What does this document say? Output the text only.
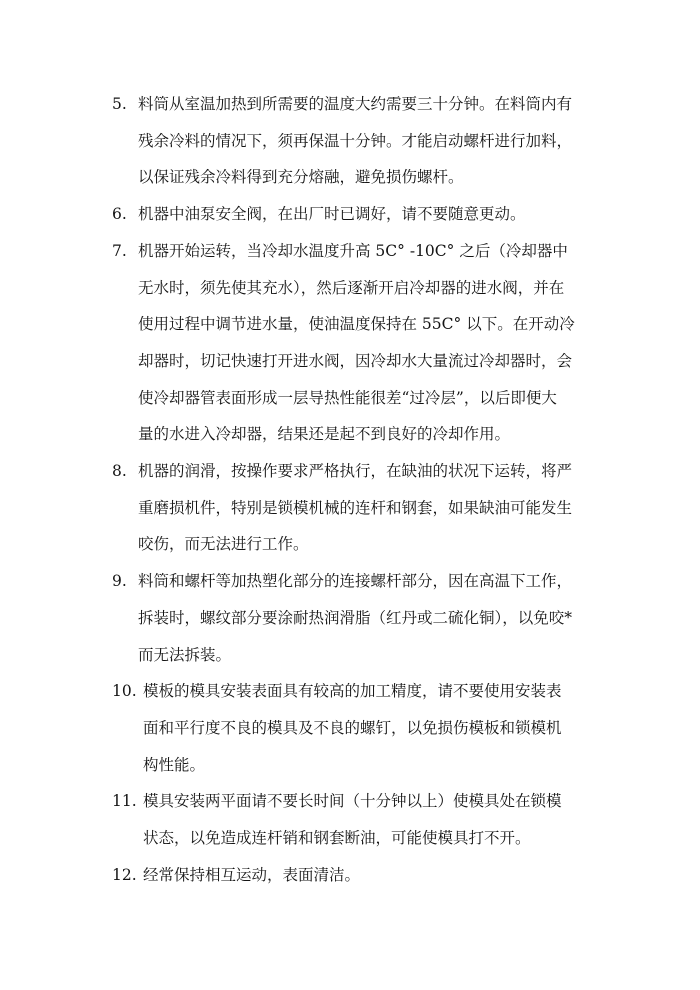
5. 料筒从室温加热到所需要的温度大约需要三十分钟。在料筒内有
残余冷料的情况下，须再保温十分钟。才能启动螺杆进行加料，
以保证残余冷料得到充分熔融，避免损伤螺杆。
6. 机器中油泵安全阀，在出厂时已调好，请不要随意更动。
7. 机器开始运转，当冷却水温度升高 5C° -10C° 之后（冷却器中
无水时，须先使其充水），然后逐渐开启冷却器的进水阀，并在
使用过程中调节进水量，使油温度保持在 55C° 以下。在开动冷
却器时，切记快速打开进水阀，因冷却水大量流过冷却器时，会
使冷却器管表面形成一层导热性能很差“过冷层”，以后即便大
量的水进入冷却器，结果还是起不到良好的冷却作用。
8. 机器的润滑，按操作要求严格执行，在缺油的状况下运转，将严
重磨损机件，特别是锁模机械的连杆和钢套，如果缺油可能发生
咬伤，而无法进行工作。
9. 料筒和螺杆等加热塑化部分的连接螺杆部分，因在高温下工作，
拆装时，螺纹部分要涂耐热润滑脂（红丹或二硫化铜），以免咬*
而无法拆装。
10. 模板的模具安装表面具有较高的加工精度，请不要使用安装表
面和平行度不良的模具及不良的螺钉，以免损伤模板和锁模机
构性能。
11. 模具安装两平面请不要长时间（十分钟以上）使模具处在锁模
状态，以免造成连杆销和钢套断油，可能使模具打不开。
12. 经常保持相互运动，表面清洁。
